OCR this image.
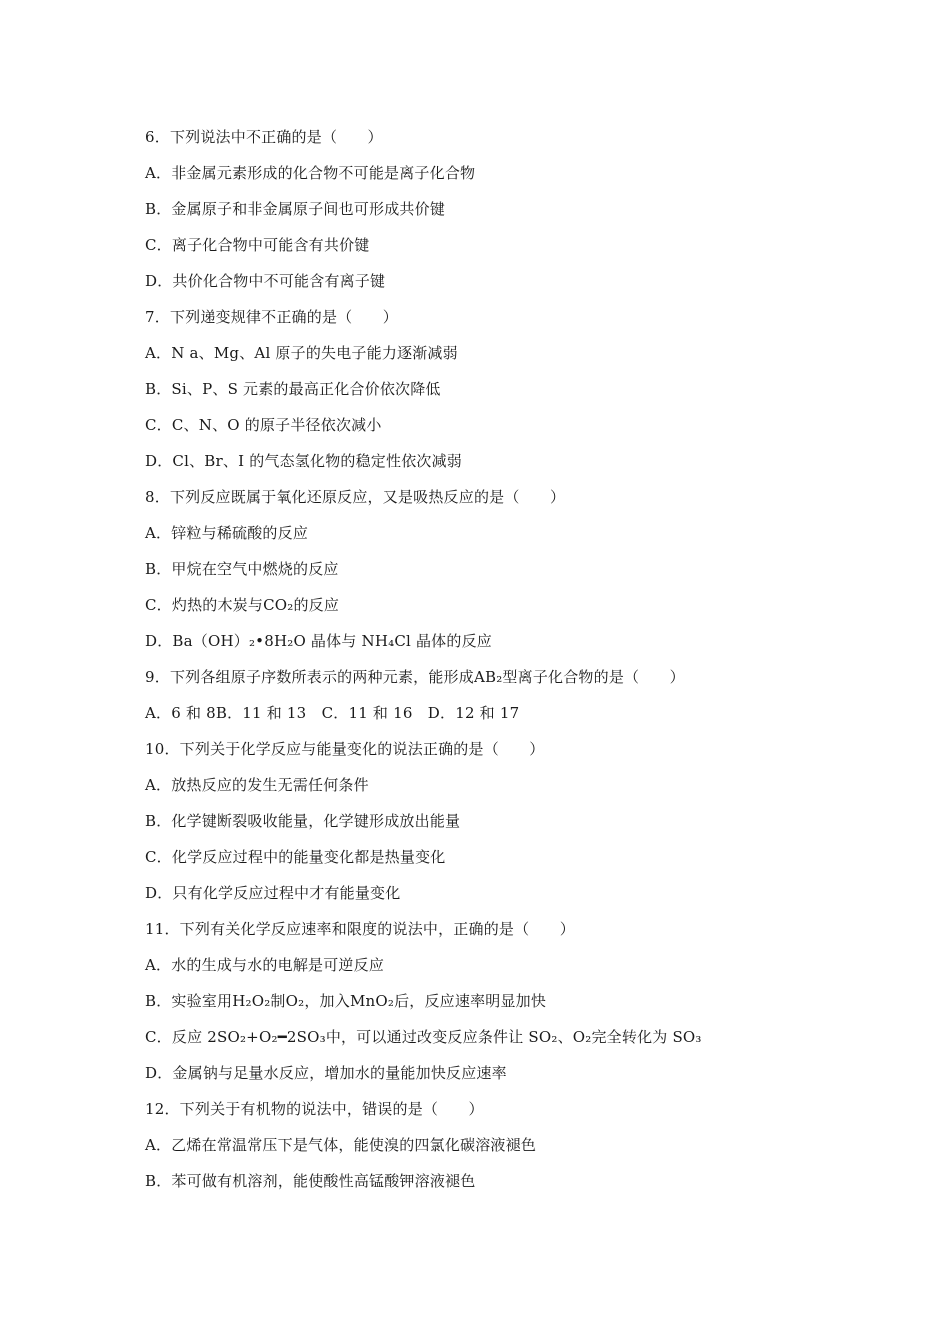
6．下列说法中不正确的是（　　）
A．非金属元素形成的化合物不可能是离子化合物
B．金属原子和非金属原子间也可形成共价键
C．离子化合物中可能含有共价键
D．共价化合物中不可能含有离子键
7．下列递变规律不正确的是（　　）
A．N a、Mg、Al 原子的失电子能力逐渐减弱
B．Si、P、S 元素的最高正化合价依次降低
C．C、N、O 的原子半径依次减小
D．Cl、Br、I 的气态氢化物的稳定性依次减弱
8．下列反应既属于氧化还原反应，又是吸热反应的是（　　）
A．锌粒与稀硫酸的反应
B．甲烷在空气中燃烧的反应
C．灼热的木炭与CO₂的反应
D．Ba（OH）₂•8H₂O 晶体与 NH₄Cl 晶体的反应
9．下列各组原子序数所表示的两种元素，能形成AB₂型离子化合物的是（　　）
A．6 和 8B．11 和 13　C．11 和 16　D．12 和 17
10．下列关于化学反应与能量变化的说法正确的是（　　）
A．放热反应的发生无需任何条件
B．化学键断裂吸收能量，化学键形成放出能量
C．化学反应过程中的能量变化都是热量变化
D．只有化学反应过程中才有能量变化
11．下列有关化学反应速率和限度的说法中，正确的是（　　）
A．水的生成与水的电解是可逆反应
B．实验室用H₂O₂制O₂，加入MnO₂后，反应速率明显加快
C．反应 2SO₂+O₂━2SO₃中，可以通过改变反应条件让 SO₂、O₂完全转化为 SO₃
D．金属钠与足量水反应，增加水的量能加快反应速率
12．下列关于有机物的说法中，错误的是（　　）
A．乙烯在常温常压下是气体，能使溴的四氯化碳溶液褪色
B．苯可做有机溶剂，能使酸性高锰酸钾溶液褪色
